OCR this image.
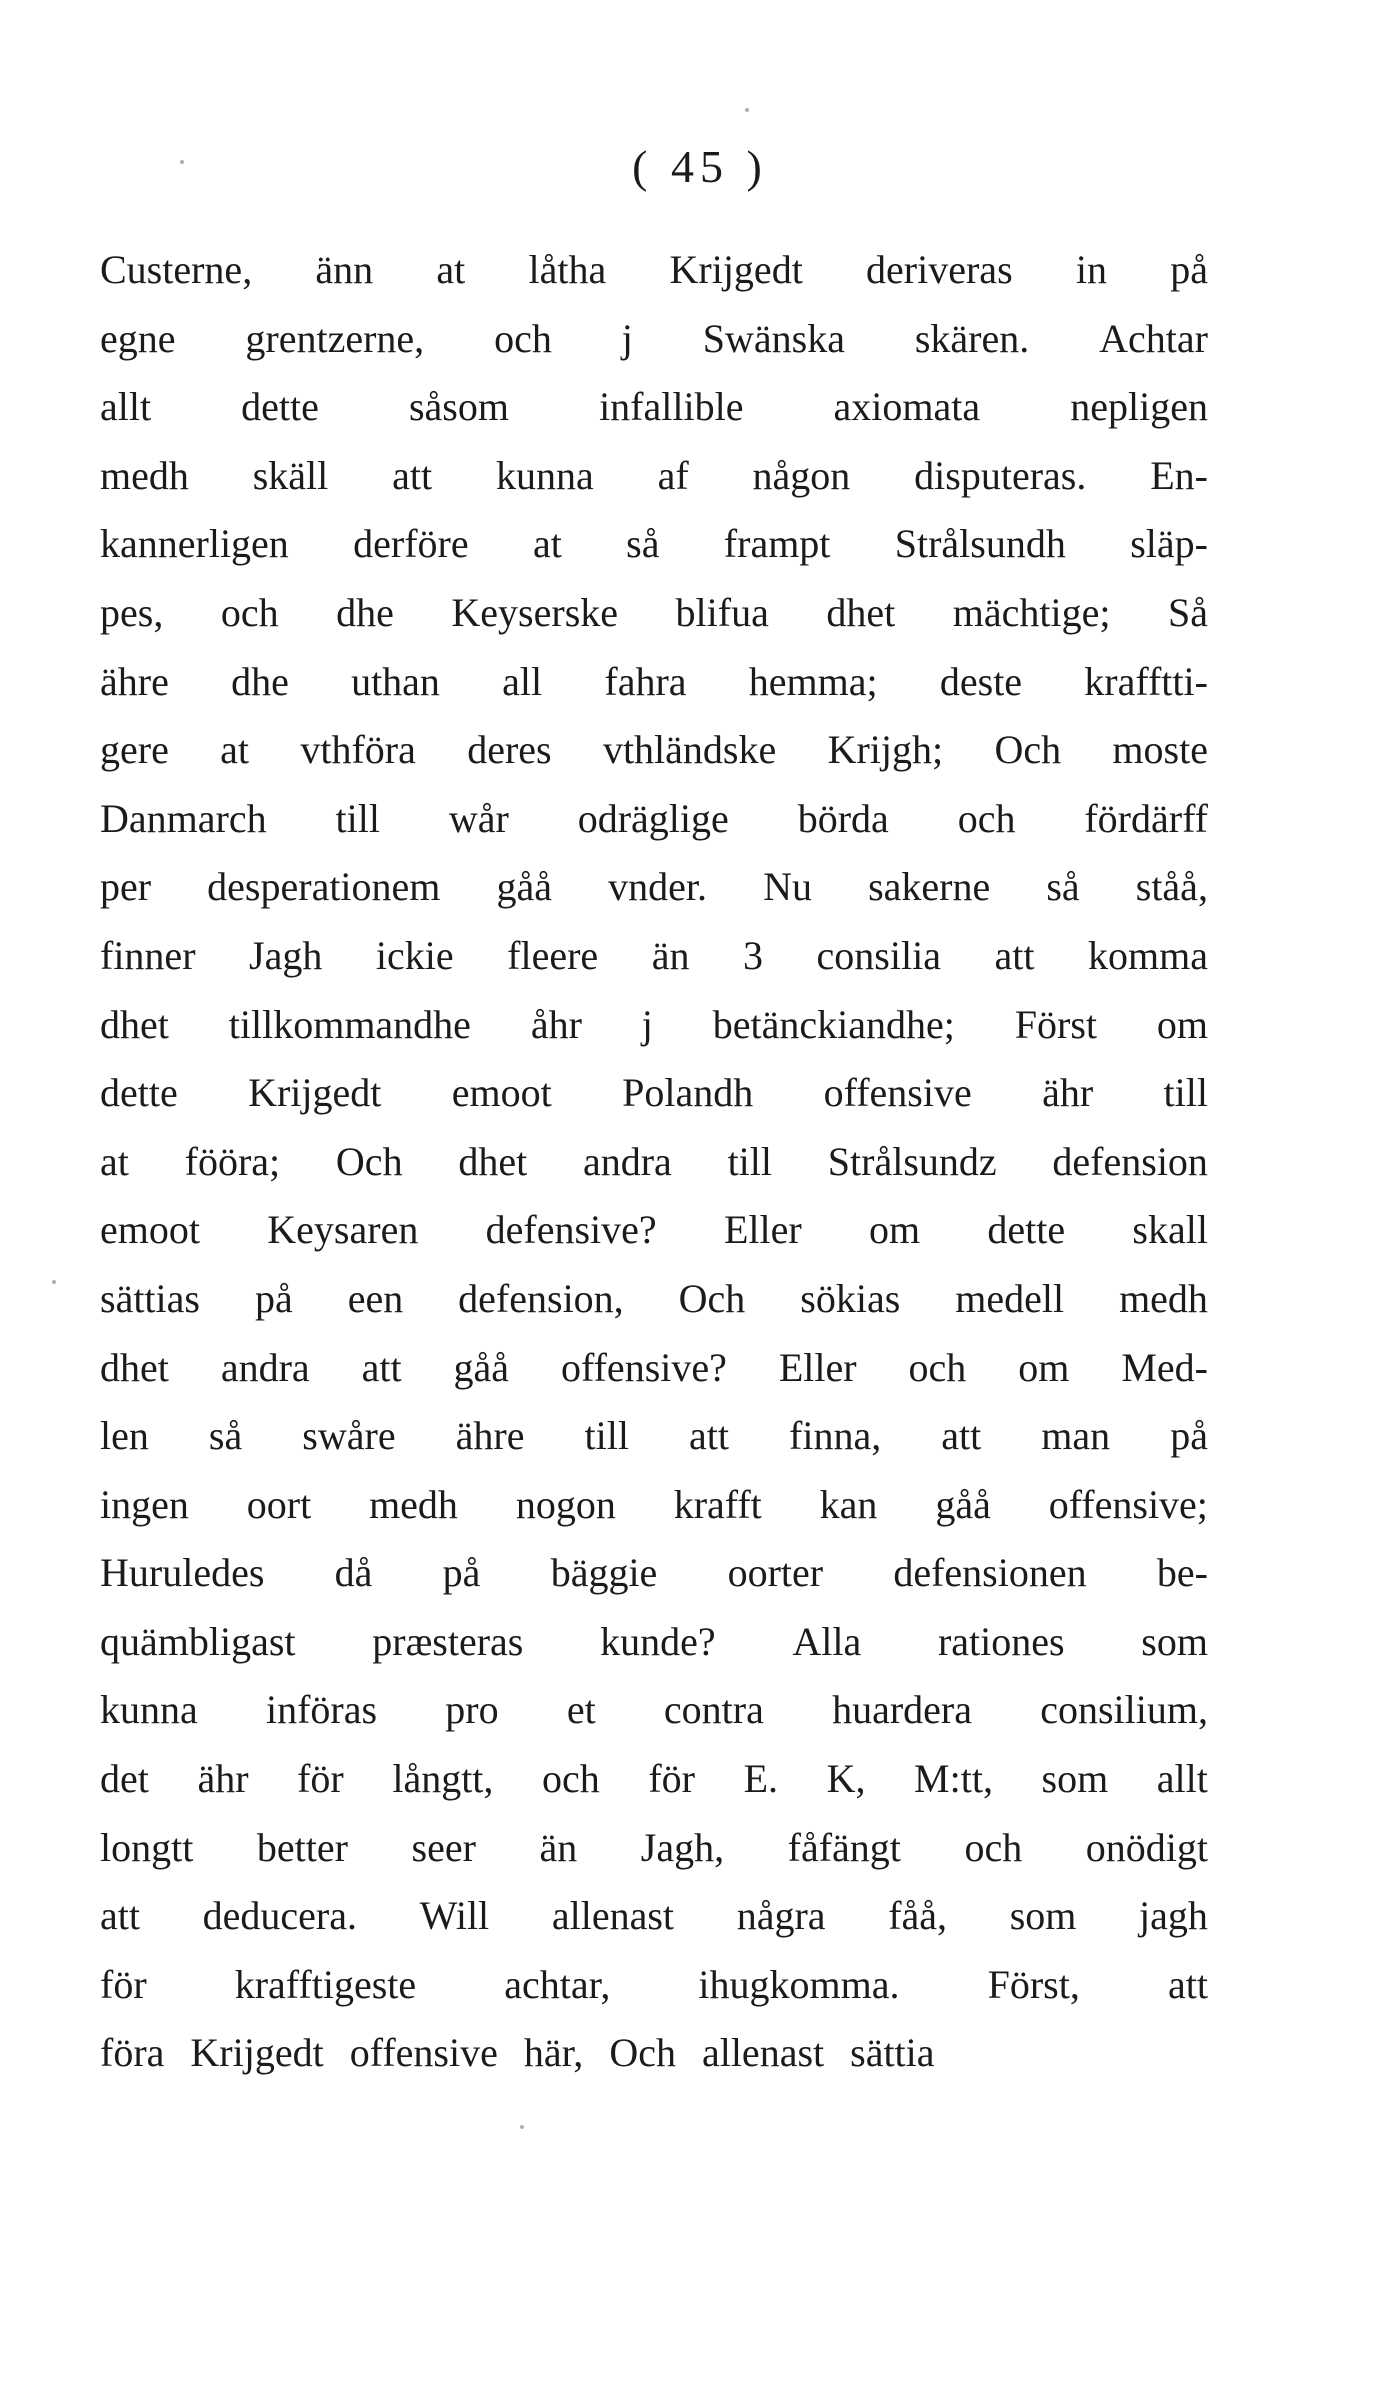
( 45 )
Custerne, änn at låtha Krijgedt deriveras in på
egne grentzerne, och j Swänska skären. Achtar
allt dette såsom infallible axiomata nepligen
medh skäll att kunna af någon disputeras. En-
kannerligen derföre at så frampt Strålsundh släp-
pes, och dhe Keyserske blifua dhet mächtige; Så
ähre dhe uthan all fahra hemma; deste krafftti-
gere at vthföra deres vthländske Krijgh; Och moste
Danmarch till wår odräglige börda och fördärff
per desperationem gåå vnder. Nu sakerne så ståå,
finner Jagh ickie fleere än 3 consilia att komma
dhet tillkommandhe åhr j betänckiandhe; Först om
dette Krijgedt emoot Polandh offensive ähr till
at fööra; Och dhet andra till Strålsundz defension
emoot Keysaren defensive? Eller om dette skall
sättias på een defension, Och sökias medell medh
dhet andra att gåå offensive? Eller och om Med-
len så swåre ähre till att finna, att man på
ingen oort medh nogon krafft kan gåå offensive;
Huruledes då på bäggie oorter defensionen be-
quämbligast præsteras kunde? Alla rationes som
kunna införas pro et contra huardera consilium,
det ähr för långtt, och för E. K, M:tt, som allt
longtt better seer än Jagh, fåfängt och onödigt
att deducera. Will allenast några fåå, som jagh
för krafftigeste achtar, ihugkomma. Först, att
föra Krijgedt offensive här, Och allenast sättia
